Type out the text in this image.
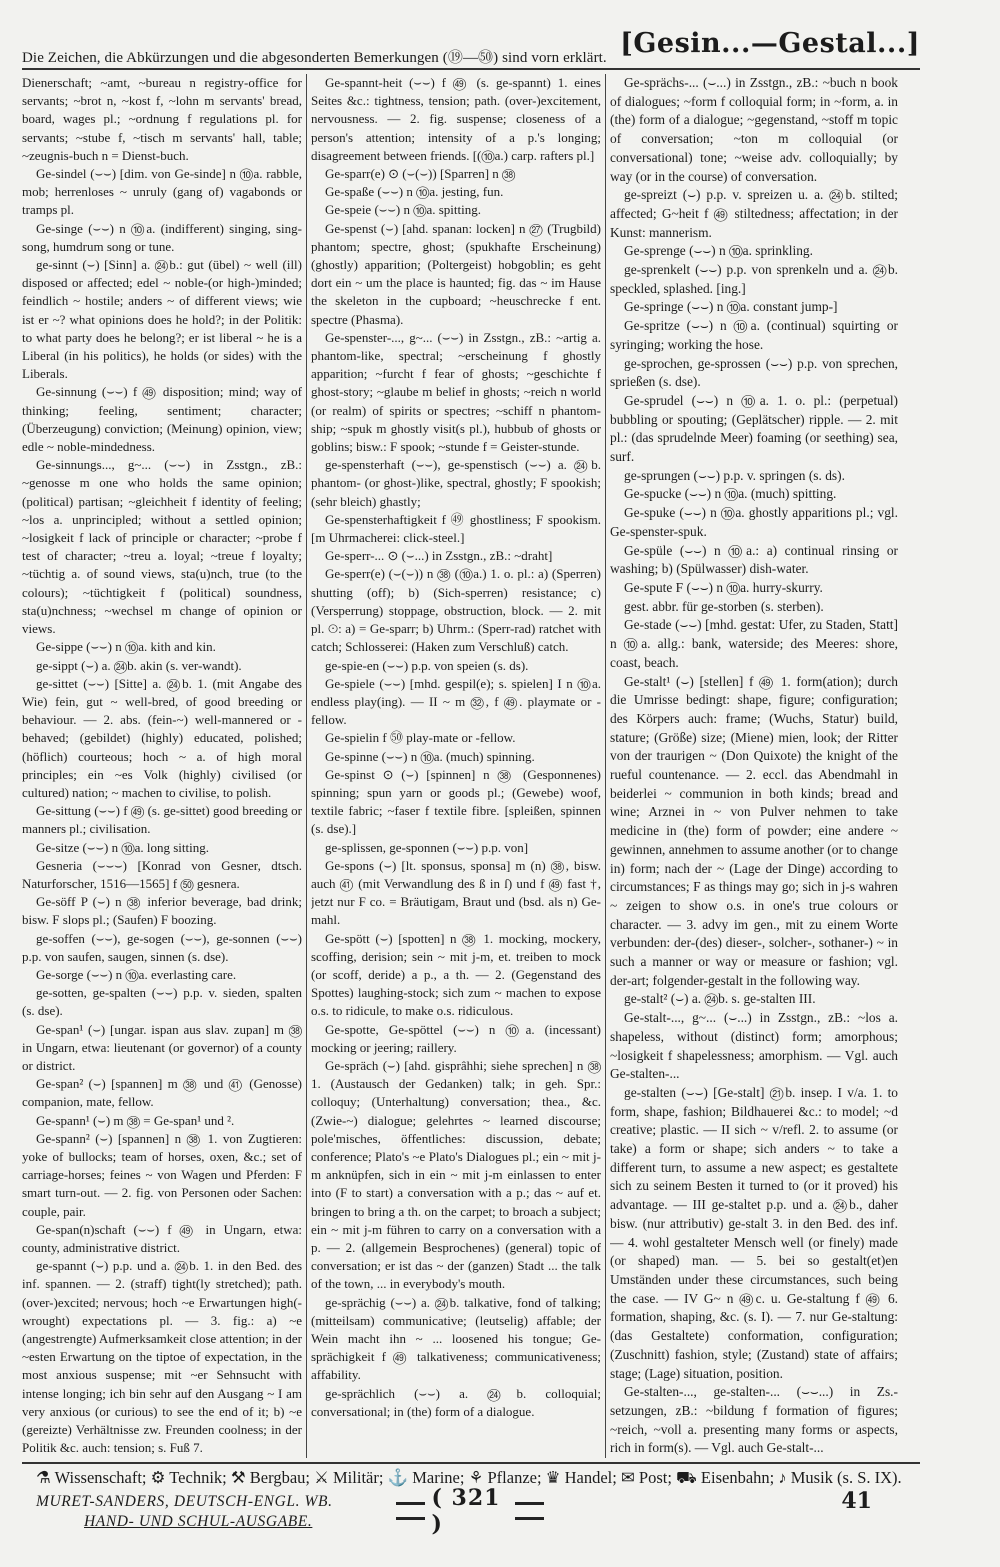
Die Zeichen, die Abkürzungen und die abgesonderten Bemerkungen (⑲—㊿) sind vorn erklärt. [Gesin...—Gestal...]

Dienerschaft; ~amt, ~bureau n registry-office for servants; ~brot n, ~kost f, ~lohn m servants' bread, board, wages pl.; ~ordnung f regulations pl. for servants; ~stube f, ~tisch m servants' hall, table; ~zeugnis-buch n = Dienst-buch.

Ge-sindel (⌣⌣) [dim. von Ge-sinde] n ⑩a. rabble, mob; herrenloses ~ unruly (gang of) vagabonds or tramps pl.

Ge-singe (⌣⌣) n ⑩a. (indifferent) singing, sing-song, humdrum song or tune.

ge-sinnt (⌣) [Sinn] a. ㉔b.: gut (übel) ~ well (ill) disposed or affected; edel ~ noble-(or high-)minded; feindlich ~ hostile; anders ~ of different views; wie ist er ~? what opinions does he hold?; in der Politik: to what party does he belong?; er ist liberal ~ he is a Liberal (in his politics), he holds (or sides) with the Liberals.

Ge-sinnung (⌣⌣) f ㊾ disposition; mind; way of thinking; feeling, sentiment; character; (Überzeugung) conviction; (Meinung) opinion, view; edle ~ noble-mindedness.

Ge-sinnungs..., g~... (⌣⌣) in Zsstgn., zB.: ~genosse m one who holds the same opinion; (political) partisan; ~gleichheit f identity of feeling; ~los a. unprincipled; without a settled opinion; ~losigkeit f lack of principle or character; ~probe f test of character; ~treu a. loyal; ~treue f loyalty; ~tüchtig a. of sound views, sta(u)nch, true (to the colours); ~tüchtigkeit f (political) soundness, sta(u)nchness; ~wechsel m change of opinion or views.

Ge-sippe (⌣⌣) n ⑩a. kith and kin.

ge-sippt (⌣) a. ㉔b. akin (s. ver-wandt).

ge-sittet (⌣⌣) [Sitte] a. ㉔b. 1. (mit Angabe des Wie) fein, gut ~ well-bred, of good breeding or behaviour. — 2. abs. (fein-~) well-mannered or -behaved; (gebildet) (highly) educated, polished; (höflich) courteous; hoch ~ a. of high moral principles; ein ~es Volk (highly) civilised (or cultured) nation; ~ machen to civilise, to polish.

Ge-sittung (⌣⌣) f ㊾ (s. ge-sittet) good breeding or manners pl.; civilisation.

Ge-sitze (⌣⌣) n ⑩a. long sitting.

Gesneria (⌣⌣⌣) [Konrad von Gesner, dtsch. Naturforscher, 1516—1565] f ㊿ gesnera.

Ge-söff P (⌣) n ㊳ inferior beverage, bad drink; bisw. F slops pl.; (Saufen) F boozing.

ge-soffen (⌣⌣), ge-sogen (⌣⌣), ge-sonnen (⌣⌣) p.p. von saufen, saugen, sinnen (s. dse).

Ge-sorge (⌣⌣) n ⑩a. everlasting care.

ge-sotten, ge-spalten (⌣⌣) p.p. v. sieden, spalten (s. dse).

Ge-span¹ (⌣) [ungar. ispan aus slav. zupan] m ㊳ in Ungarn, etwa: lieutenant (or governor) of a county or district.

Ge-span² (⌣) [spannen] m ㊳ und ㊶ (Genosse) companion, mate, fellow.

Ge-spann¹ (⌣) m ㊳ = Ge-span¹ und ².

Ge-spann² (⌣) [spannen] n ㊳ 1. von Zugtieren: yoke of bullocks; team of horses, oxen, &c.; set of carriage-horses; feines ~ von Wagen und Pferden: F smart turn-out. — 2. fig. von Personen oder Sachen: couple, pair.

Ge-span(n)schaft (⌣⌣) f ㊾ in Ungarn, etwa: county, administrative district.

ge-spannt (⌣) p.p. und a. ㉔b. 1. in den Bed. des inf. spannen. — 2. (straff) tight(ly stretched); path. (over-)excited; nervous; hoch ~e Erwartungen high(-wrought) expectations pl. — 3. fig.: a) ~e (angestrengte) Aufmerksamkeit close attention; in der ~esten Erwartung on the tiptoe of expectation, in the most anxious suspense; mit ~er Sehnsucht with intense longing; ich bin sehr auf den Ausgang ~ I am very anxious (or curious) to see the end of it; b) ~e (gereizte) Verhältnisse zw. Freunden coolness; in der Politik &c. auch: tension; s. Fuß 7.

Ge-spannt-heit (⌣⌣) f ㊾ (s. ge-spannt) 1. eines Seites &c.: tightness, tension; path. (over-)excitement, nervousness. — 2. fig. suspense; closeness of a person's attention; intensity of a p.'s longing; disagreement between friends. [(⑩a.) carp. rafters pl.]

Ge-sparr(e) ⊙ (⌣(⌣)) [Sparren] n ㊳

Ge-spaße (⌣⌣) n ⑩a. jesting, fun.

Ge-speie (⌣⌣) n ⑩a. spitting.

Ge-spenst (⌣) [ahd. spanan: locken] n ㉗ (Trugbild) phantom; spectre, ghost; (spukhafte Erscheinung) (ghostly) apparition; (Poltergeist) hobgoblin; es geht dort ein ~ um the place is haunted; fig. das ~ im Hause the skeleton in the cupboard; ~heuschrecke f ent. spectre (Phasma).

Ge-spenster-..., g~... (⌣⌣) in Zsstgn., zB.: ~artig a. phantom-like, spectral; ~erscheinung f ghostly apparition; ~furcht f fear of ghosts; ~geschichte f ghost-story; ~glaube m belief in ghosts; ~reich n world (or realm) of spirits or spectres; ~schiff n phantom-ship; ~spuk m ghostly visit(s pl.), hubbub of ghosts or goblins; bisw.: F spook; ~stunde f = Geister-stunde.

ge-spensterhaft (⌣⌣), ge-spenstisch (⌣⌣) a. ㉔b. phantom- (or ghost-)like, spectral, ghostly; F spookish; (sehr bleich) ghastly;

Ge-spensterhaftigkeit f ㊾ ghostliness; F spookism. [m Uhrmacherei: click-steel.]

Ge-sperr-... ⊙ (⌣...) in Zsstgn., zB.: ~draht]

Ge-sperr(e) (⌣(⌣)) n ㊳ (⑩a.) 1. o. pl.: a) (Sperren) shutting (off); b) (Sich-sperren) resistance; c) (Versperrung) stoppage, obstruction, block. — 2. mit pl. ⊙: a) = Ge-sparr; b) Uhrm.: (Sperr-rad) ratchet with catch; Schlosserei: (Haken zum Verschluß) catch.

ge-spie-en (⌣⌣) p.p. von speien (s. ds).

Ge-spiele (⌣⌣) [mhd. gespil(e); s. spielen] I n ⑩a. endless play(ing). — II ~ m ㉜, f ㊾. playmate or -fellow.

Ge-spielin f ㊿ play-mate or -fellow.

Ge-spinne (⌣⌣) n ⑩a. (much) spinning.

Ge-spinst ⊙ (⌣) [spinnen] n ㊳ (Gesponnenes) spinning; spun yarn or goods pl.; (Gewebe) woof, textile fabric; ~faser f textile fibre. [spleißen, spinnen (s. dse).]

ge-splissen, ge-sponnen (⌣⌣) p.p. von]

Ge-spons (⌣) [lt. sponsus, sponsa] m (n) ㊳, bisw. auch ㊶ (mit Verwandlung des ß in ſ) und f ㊾ fast †, jetzt nur F co. = Bräutigam, Braut und (bsd. als n) Ge-mahl.

Ge-spött (⌣) [spotten] n ㊳ 1. mocking, mockery, scoffing, derision; sein ~ mit j-m, et. treiben to mock (or scoff, deride) a p., a th. — 2. (Gegenstand des Spottes) laughing-stock; sich zum ~ machen to expose o.s. to ridicule, to make o.s. ridiculous.

Ge-spotte, Ge-spöttel (⌣⌣) n ⑩a. (incessant) mocking or jeering; raillery.

Ge-spräch (⌣) [ahd. gisprâhhi; siehe sprechen] n ㊳ 1. (Austausch der Gedanken) talk; in geh. Spr.: colloquy; (Unterhaltung) conversation; thea., &c. (Zwie-~) dialogue; gelehrtes ~ learned discourse; pole'misches, öffentliches: discussion, debate; conference; Plato's ~e Plato's Dialogues pl.; ein ~ mit j-m anknüpfen, sich in ein ~ mit j-m einlassen to enter into (F to start) a conversation with a p.; das ~ auf et. bringen to bring a th. on the carpet; to broach a subject; ein ~ mit j-m führen to carry on a conversation with a p. — 2. (allgemein Besprochenes) (general) topic of conversation; er ist das ~ der (ganzen) Stadt ... the talk of the town, ... in everybody's mouth.

ge-sprächig (⌣⌣) a. ㉔b. talkative, fond of talking; (mitteilsam) communicative; (leutselig) affable; der Wein macht ihn ~ ... loosened his tongue; Ge-sprächigkeit f ㊾ talkativeness; communicativeness; affability.

ge-sprächlich (⌣⌣) a. ㉔b. colloquial; conversational; in (the) form of a dialogue.

Ge-sprächs-... (⌣...) in Zsstgn., zB.: ~buch n book of dialogues; ~form f colloquial form; in ~form, a. in (the) form of a dialogue; ~gegenstand, ~stoff m topic of conversation; ~ton m colloquial (or conversational) tone; ~weise adv. colloquially; by way (or in the course) of conversation.

ge-spreizt (⌣) p.p. v. spreizen u. a. ㉔b. stilted; affected; G~heit f ㊾ stiltedness; affectation; in der Kunst: mannerism.

Ge-sprenge (⌣⌣) n ⑩a. sprinkling.

ge-sprenkelt (⌣⌣) p.p. von sprenkeln und a. ㉔b. speckled, splashed. [ing.]

Ge-springe (⌣⌣) n ⑩a. constant jump-]

Ge-spritze (⌣⌣) n ⑩a. (continual) squirting or syringing; working the hose.

ge-sprochen, ge-sprossen (⌣⌣) p.p. von sprechen, sprießen (s. dse).

Ge-sprudel (⌣⌣) n ⑩a. 1. o. pl.: (perpetual) bubbling or spouting; (Geplätscher) ripple. — 2. mit pl.: (das sprudelnde Meer) foaming (or seething) sea, surf.

ge-sprungen (⌣⌣) p.p. v. springen (s. ds).

Ge-spucke (⌣⌣) n ⑩a. (much) spitting.

Ge-spuke (⌣⌣) n ⑩a. ghostly apparitions pl.; vgl. Ge-spenster-spuk.

Ge-spüle (⌣⌣) n ⑩a.: a) continual rinsing or washing; b) (Spülwasser) dish-water.

Ge-spute F (⌣⌣) n ⑩a. hurry-skurry.

gest. abbr. für ge-storben (s. sterben).

Ge-stade (⌣⌣) [mhd. gestat: Ufer, zu Staden, Statt] n ⑩a. allg.: bank, waterside; des Meeres: shore, coast, beach.

Ge-stalt¹ (⌣) [stellen] f ㊾ 1. form(ation); durch die Umrisse bedingt: shape, figure; configuration; des Körpers auch: frame; (Wuchs, Statur) build, stature; (Größe) size; (Miene) mien, look; der Ritter von der traurigen ~ (Don Quixote) the knight of the rueful countenance. — 2. eccl. das Abendmahl in beiderlei ~ communion in both kinds; bread and wine; Arznei in ~ von Pulver nehmen to take medicine in (the) form of powder; eine andere ~ gewinnen, annehmen to assume another (or to change in) form; nach der ~ (Lage der Dinge) according to circumstances; F as things may go; sich in j-s wahren ~ zeigen to show o.s. in one's true colours or character. — 3. advy im gen., mit zu einem Worte verbunden: der-(des) dieser-, solcher-, sothaner-) ~ in such a manner or way or measure or fashion; vgl. der-art; folgender-gestalt in the following way.

ge-stalt² (⌣) a. ㉔b. s. ge-stalten III.

Ge-stalt-..., g~... (⌣...) in Zsstgn., zB.: ~los a. shapeless, without (distinct) form; amorphous; ~losigkeit f shapelessness; amorphism. — Vgl. auch Ge-stalten-...

ge-stalten (⌣⌣) [Ge-stalt] ㉑b. insep. I v/a. 1. to form, shape, fashion; Bildhauerei &c.: to model; ~d creative; plastic. — II sich ~ v/refl. 2. to assume (or take) a form or shape; sich anders ~ to take a different turn, to assume a new aspect; es gestaltete sich zu seinem Besten it turned to (or it proved) his advantage. — III ge-staltet p.p. und a. ㉔b., daher bisw. (nur attributiv) ge-stalt 3. in den Bed. des inf. — 4. wohl gestalteter Mensch well (or finely) made (or shaped) man. — 5. bei so gestalt(et)en Umständen under these circumstances, such being the case. — IV G~ n ㊾c. u. Ge-staltung f ㊾ 6. formation, shaping, &c. (s. I). — 7. nur Ge-staltung: (das Gestaltete) conformation, configuration; (Zuschnitt) fashion, style; (Zustand) state of affairs; stage; (Lage) situation, position.

Ge-stalten-..., ge-stalten-... (⌣⌣...) in Zs.-setzungen, zB.: ~bildung f formation of figures; ~reich, ~voll a. presenting many forms or aspects, rich in form(s). — Vgl. auch Ge-stalt-...

⚗ Wissenschaft; ⚙ Technik; ⚒ Bergbau; ⚔ Militär; ⚓ Marine; ⚘ Pflanze; ♛ Handel; ✉ Post; ⛟ Eisenbahn; ♪ Musik (s. S. IX).
MURET-SANDERS, DEUTSCH-ENGL. WB.
HAND- UND SCHUL-AUSGABE.
( 321 )
41
